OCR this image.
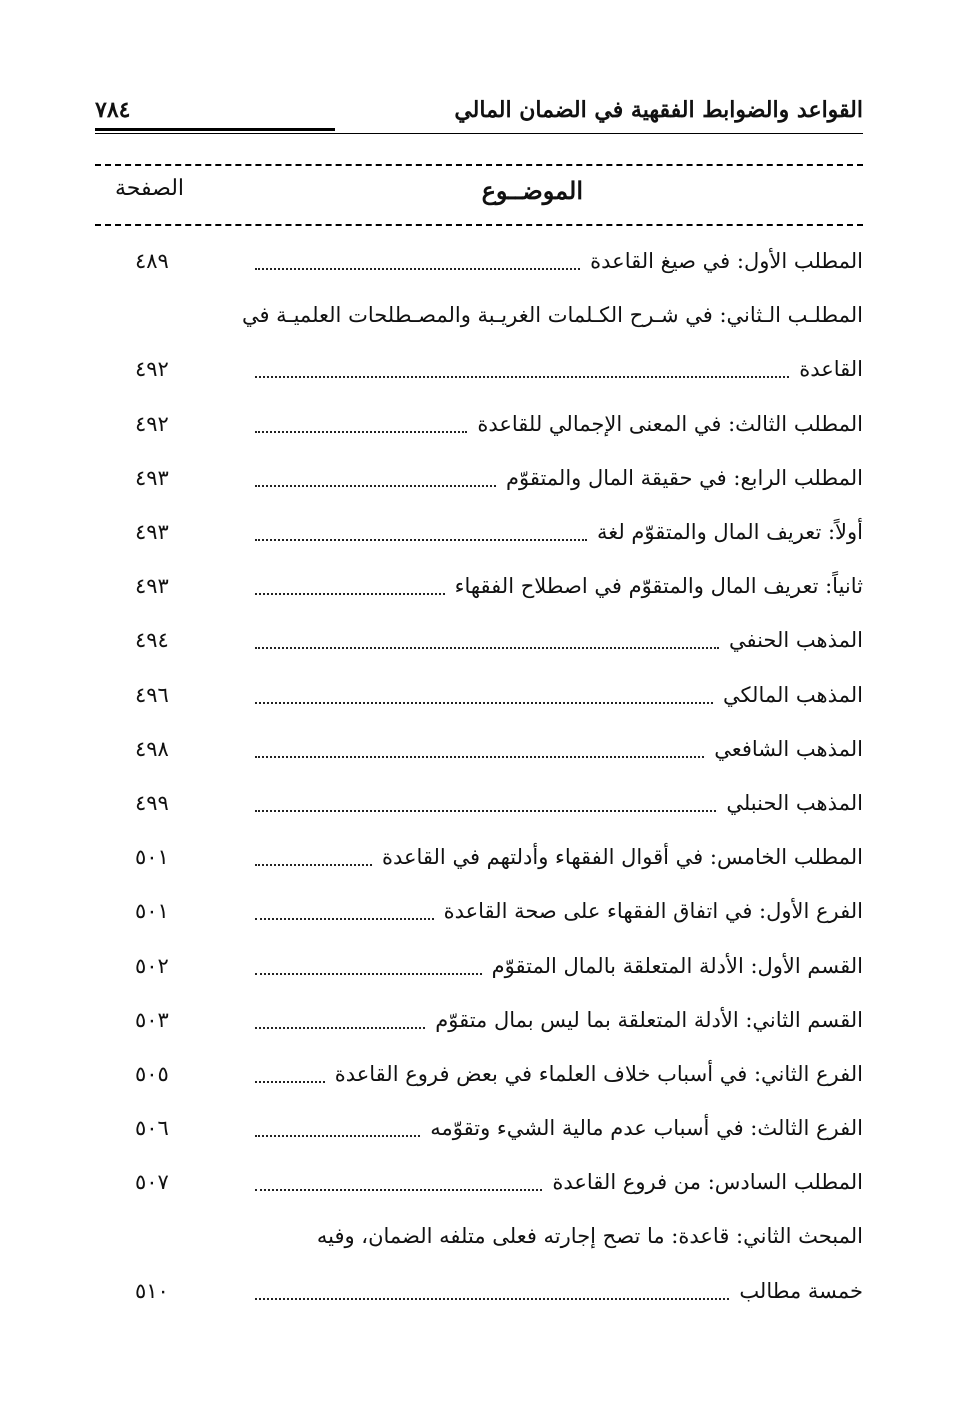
القواعد والضوابط الفقهية في الضمان المالي
٧٨٤
الموضــوع
الصفحة
المطلب الأول: في صيغ القاعدة
٤٨٩
المطلـب الـثاني: في شـرح الكـلمات الغريـبة والمصـطلحات العلميـة في
القاعدة
٤٩٢
المطلب الثالث: في المعنى الإجمالي للقاعدة
٤٩٢
المطلب الرابع: في حقيقة المال والمتقوّم
٤٩٣
أولاً: تعريف المال والمتقوّم لغة
٤٩٣
ثانياً: تعريف المال والمتقوّم في اصطلاح الفقهاء
٤٩٣
المذهب الحنفي
٤٩٤
المذهب المالكي
٤٩٦
المذهب الشافعي
٤٩٨
المذهب الحنبلي
٤٩٩
المطلب الخامس: في أقوال الفقهاء وأدلتهم في القاعدة
٥٠١
الفرع الأول: في اتفاق الفقهاء على صحة القاعدة
٥٠١
القسم الأول: الأدلة المتعلقة بالمال المتقوّم
٥٠٢
القسم الثاني: الأدلة المتعلقة بما ليس بمال متقوّم
٥٠٣
الفرع الثاني: في أسباب خلاف العلماء في بعض فروع القاعدة
٥٠٥
الفرع الثالث: في أسباب عدم مالية الشيء وتقوّمه
٥٠٦
المطلب السادس: من فروع القاعدة
٥٠٧
المبحث الثاني: قاعدة: ما تصح إجارته فعلى متلفه الضمان، وفيه
خمسة مطالب
٥١٠
